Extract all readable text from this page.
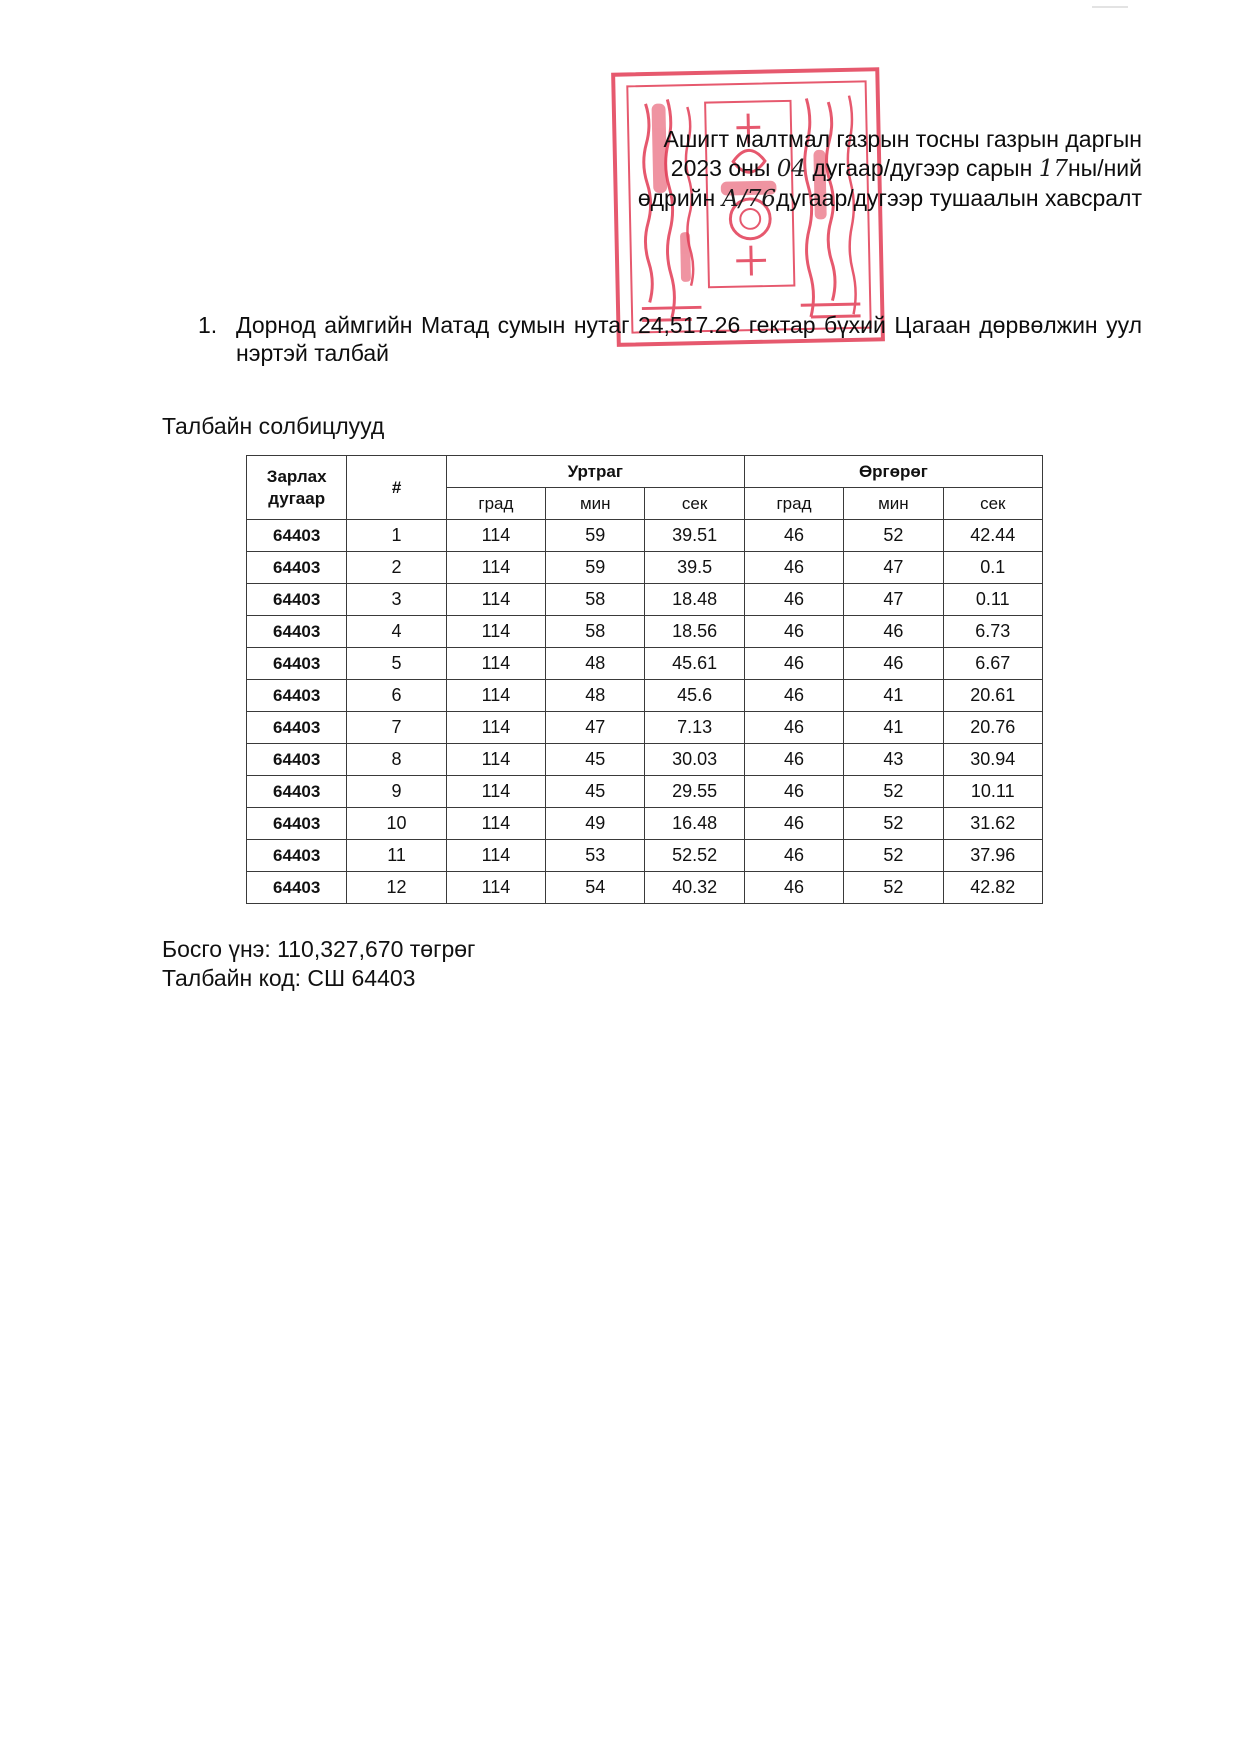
Ашигт малтмал газрын тосны газрын даргын
2023 оны 04 дугаар/дугээр сарын 17ны/ний
өдрийн А/76дугаар/дугээр тушаалын хавсралт
1. Дорнод аймгийн Матад сумын нутаг 24,517.26 гектар бүхий Цагаан дөрвөлжин уул нэртэй талбай
Талбайн солбицлууд
Зарлах дугаар	#	Уртраг			Өргөрөг		
		град	мин	сек	град	мин	сек
64403	1	114	59	39.51	46	52	42.44
64403	2	114	59	39.5	46	47	0.1
64403	3	114	58	18.48	46	47	0.11
64403	4	114	58	18.56	46	46	6.73
64403	5	114	48	45.61	46	46	6.67
64403	6	114	48	45.6	46	41	20.61
64403	7	114	47	7.13	46	41	20.76
64403	8	114	45	30.03	46	43	30.94
64403	9	114	45	29.55	46	52	10.11
64403	10	114	49	16.48	46	52	31.62
64403	11	114	53	52.52	46	52	37.96
64403	12	114	54	40.32	46	52	42.82
Босго үнэ: 110,327,670 төгрөг
Талбайн код: СШ 64403
